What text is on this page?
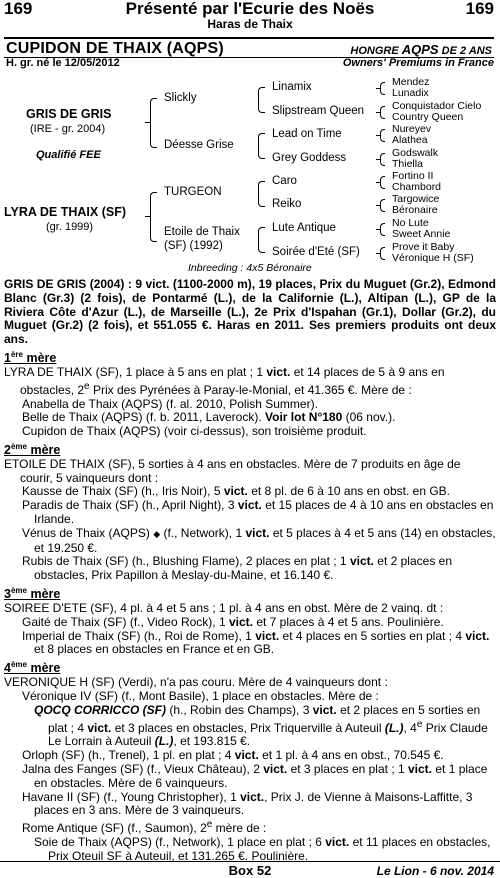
169	Présenté par l'Ecurie des Noës	169
Haras de Thaix
CUPIDON DE THAIX (AQPS)	HONGRE AQPS DE 2 ANS
H. gr. né le 12/05/2012	Owners' Premiums in France
GRIS DE GRIS
(IRE - gr. 2004)
Qualifié FEE
Slickly
Déesse Grise
Linamix
Slipstream Queen
Lead on Time
Grey Goddess
LYRA DE THAIX (SF)
(gr. 1999)
TURGEON
Etoile de Thaix
(SF) (1992)
Caro
Reiko
Lute Antique
Soirée d'Eté (SF)
Mendez
Lunadix
Conquistador Cielo
Country Queen
Nureyev
Alathea
Godswalk
Thiella
Fortino II
Chambord
Targowice
Béronaire
No Lute
Sweet Annie
Prove it Baby
Véronique H (SF)
Inbreeding : 4x5 Béronaire

GRIS DE GRIS (2004) : 9 vict. (1100-2000 m), 19 places, Prix du Muguet (Gr.2), Edmond Blanc (Gr.3) (2 fois), de Pontarmé (L.), de la Californie (L.), Altipan (L.), GP de la Riviera Côte d'Azur (L.), de Marseille (L.), 2e Prix d'Ispahan (Gr.1), Dollar (Gr.2), du Muguet (Gr.2) (2 fois), et 551.055 €. Haras en 2011. Ses premiers produits ont deux ans.

1ère mère

LYRA DE THAIX (SF), 1 place à 5 ans en plat ; 1 vict. et 14 places de 5 à 9 ans en obstacles, 2e Prix des Pyrénées à Paray-le-Monial, et 41.365 €. Mère de :

Anabella de Thaix (AQPS) (f. al. 2010, Polish Summer).

Belle de Thaix (AQPS) (f. b. 2011, Laverock). Voir lot N°180 (06 nov.).

Cupidon de Thaix (AQPS) (voir ci-dessus), son troisième produit.

2ème mère

ETOILE DE THAIX (SF), 5 sorties à 4 ans en obstacles. Mère de 7 produits en âge de courir, 5 vainqueurs dont :

Kausse de Thaix (SF) (h., Iris Noir), 5 vict. et 8 pl. de 6 à 10 ans en obst. en GB.

Paradis de Thaix (SF) (h., April Night), 3 vict. et 15 places de 4 à 10 ans en obstacles en Irlande.

Vénus de Thaix (AQPS) ◆ (f., Network), 1 vict. et 5 places à 4 et 5 ans (14) en obstacles, et 19.250 €.

Rubis de Thaix (SF) (h., Blushing Flame), 2 places en plat ; 1 vict. et 2 places en obstacles, Prix Papillon à Meslay-du-Maine, et 16.140 €.

3ème mère

SOIREE D'ETE (SF), 4 pl. à 4 et 5 ans ; 1 pl. à 4 ans en obst. Mère de 2 vainq. dt :

Gaité de Thaix (SF) (f., Video Rock), 1 vict. et 7 places à 4 et 5 ans. Poulinière.

Imperial de Thaix (SF) (h., Roi de Rome), 1 vict. et 4 places en 5 sorties en plat ; 4 vict. et 8 places en obstacles en France et en GB.

4ème mère

VERONIQUE H (SF) (Verdi), n'a pas couru. Mère de 4 vainqueurs dont :

Véronique IV (SF) (f., Mont Basile), 1 place en obstacles. Mère de :

QOCQ CORRICCO (SF) (h., Robin des Champs), 3 vict. et 2 places en 5 sorties en plat ; 4 vict. et 3 places en obstacles, Prix Triquerville à Auteuil (L.), 4e Prix Claude Le Lorrain à Auteuil (L.), et 193.815 €.

Orloph (SF) (h., Trenel), 1 pl. en plat ; 4 vict. et 1 pl. à 4 ans en obst., 70.545 €.

Jalna des Fanges (SF) (f., Vieux Château), 2 vict. et 3 places en plat ; 1 vict. et 1 place en obstacles. Mère de 6 vainqueurs.

Havane II (SF) (f., Young Christopher), 1 vict., Prix J. de Vienne à Maisons-Laffitte, 3 places en 3 ans. Mère de 3 vainqueurs.

Rome Antique (SF) (f., Saumon), 2e mère de :

Soie de Thaix (AQPS) (f., Network), 1 place en plat ; 6 vict. et 11 places en obstacles, Prix Oteuil SF à Auteuil, et 131.265 €. Poulinière.

Box 52	Le Lion - 6 nov. 2014
